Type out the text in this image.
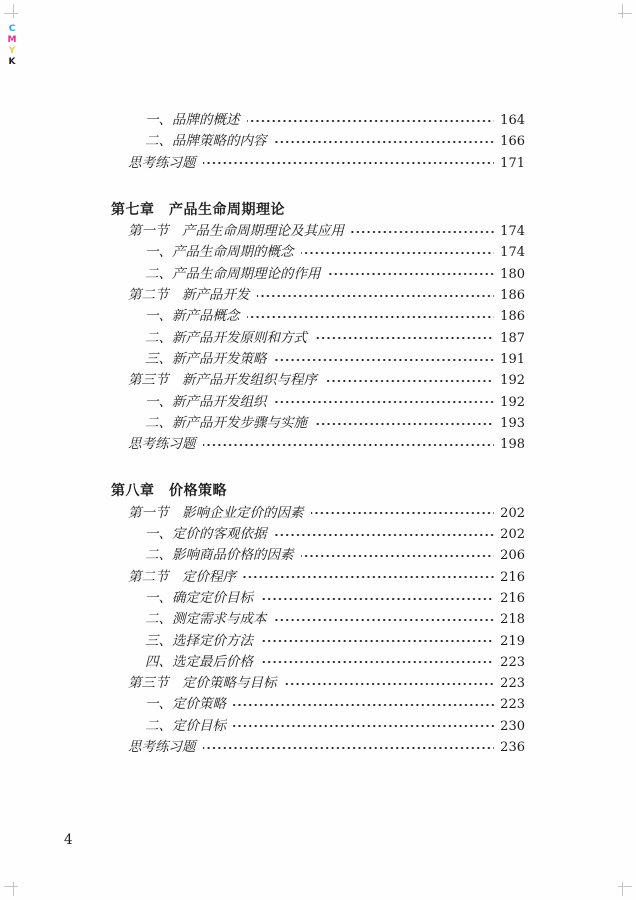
C
M
Y
K
一、品牌的概述	164
二、品牌策略的内容	166
思考练习题	171
第七章　产品生命周期理论
第一节　产品生命周期理论及其应用	174
一、产品生命周期的概念	174
二、产品生命周期理论的作用	180
第二节　新产品开发	186
一、新产品概念	186
二、新产品开发原则和方式	187
三、新产品开发策略	191
第三节　新产品开发组织与程序	192
一、新产品开发组织	192
二、新产品开发步骤与实施	193
思考练习题	198
第八章　价格策略
第一节　影响企业定价的因素	202
一、定价的客观依据	202
二、影响商品价格的因素	206
第二节　定价程序	216
一、确定定价目标	216
二、测定需求与成本	218
三、选择定价方法	219
四、选定最后价格	223
第三节　定价策略与目标	223
一、定价策略	223
二、定价目标	230
思考练习题	236
4
